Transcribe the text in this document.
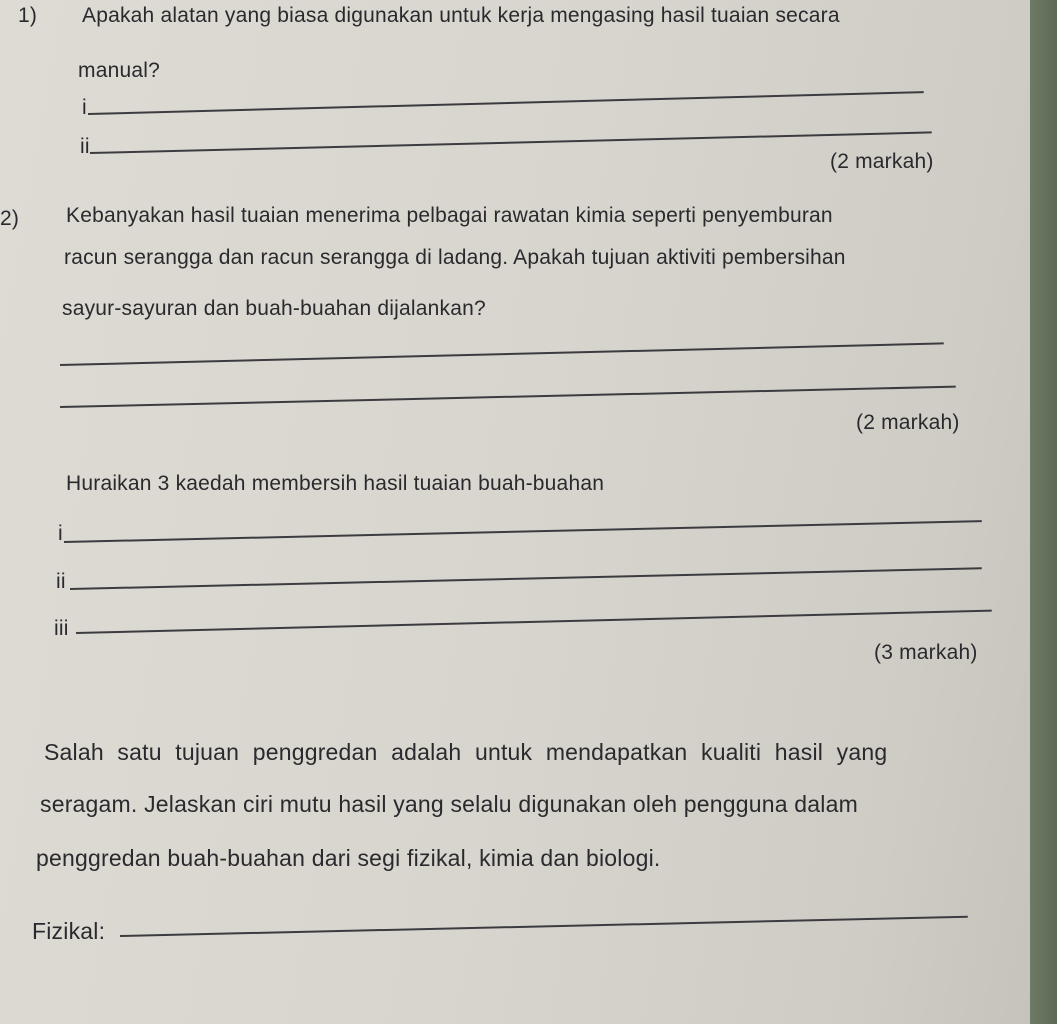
1) Apakah alatan yang biasa digunakan untuk kerja mengasing hasil tuaian secara
manual?
i
ii
(2 markah)
2) Kebanyakan hasil tuaian menerima pelbagai rawatan kimia seperti penyemburan
racun serangga dan racun serangga di ladang. Apakah tujuan aktiviti pembersihan
sayur-sayuran dan buah-buahan dijalankan?
(2 markah)
Huraikan 3 kaedah membersih hasil tuaian buah-buahan
i
ii
iii
(3 markah)
Salah satu tujuan penggredan adalah untuk mendapatkan kualiti hasil yang
seragam. Jelaskan ciri mutu hasil yang selalu digunakan oleh pengguna dalam
penggredan buah-buahan dari segi fizikal, kimia dan biologi.
Fizikal:
